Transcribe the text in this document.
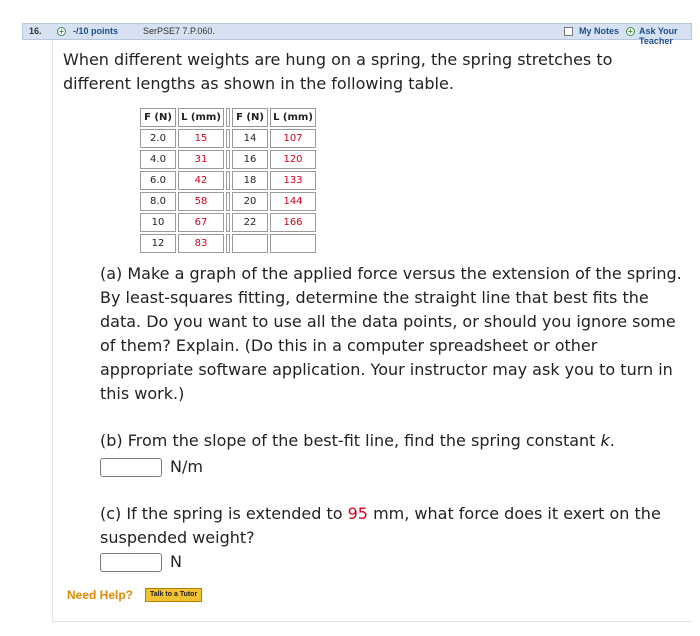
16. + -/10 points	SerPSE7 7.P.060.	My Notes + Ask Your Teacher

When different weights are hung on a spring, the spring stretches to different lengths as shown in the following table.

F (N)	L (mm)		F (N)	L (mm)
2.0	15		14	107
4.0	31		16	120
6.0	42		18	133
8.0	58		20	144
10	67		22	166
12	83			

(a) Make a graph of the applied force versus the extension of the spring. By least-squares fitting, determine the straight line that best fits the data. Do you want to use all the data points, or should you ignore some of them? Explain. (Do this in a computer spreadsheet or other appropriate software application. Your instructor may ask you to turn in this work.)

(b) From the slope of the best-fit line, find the spring constant k.

N/m

(c) If the spring is extended to 95 mm, what force does it exert on the suspended weight?

N
Need Help?	Talk to a Tutor
